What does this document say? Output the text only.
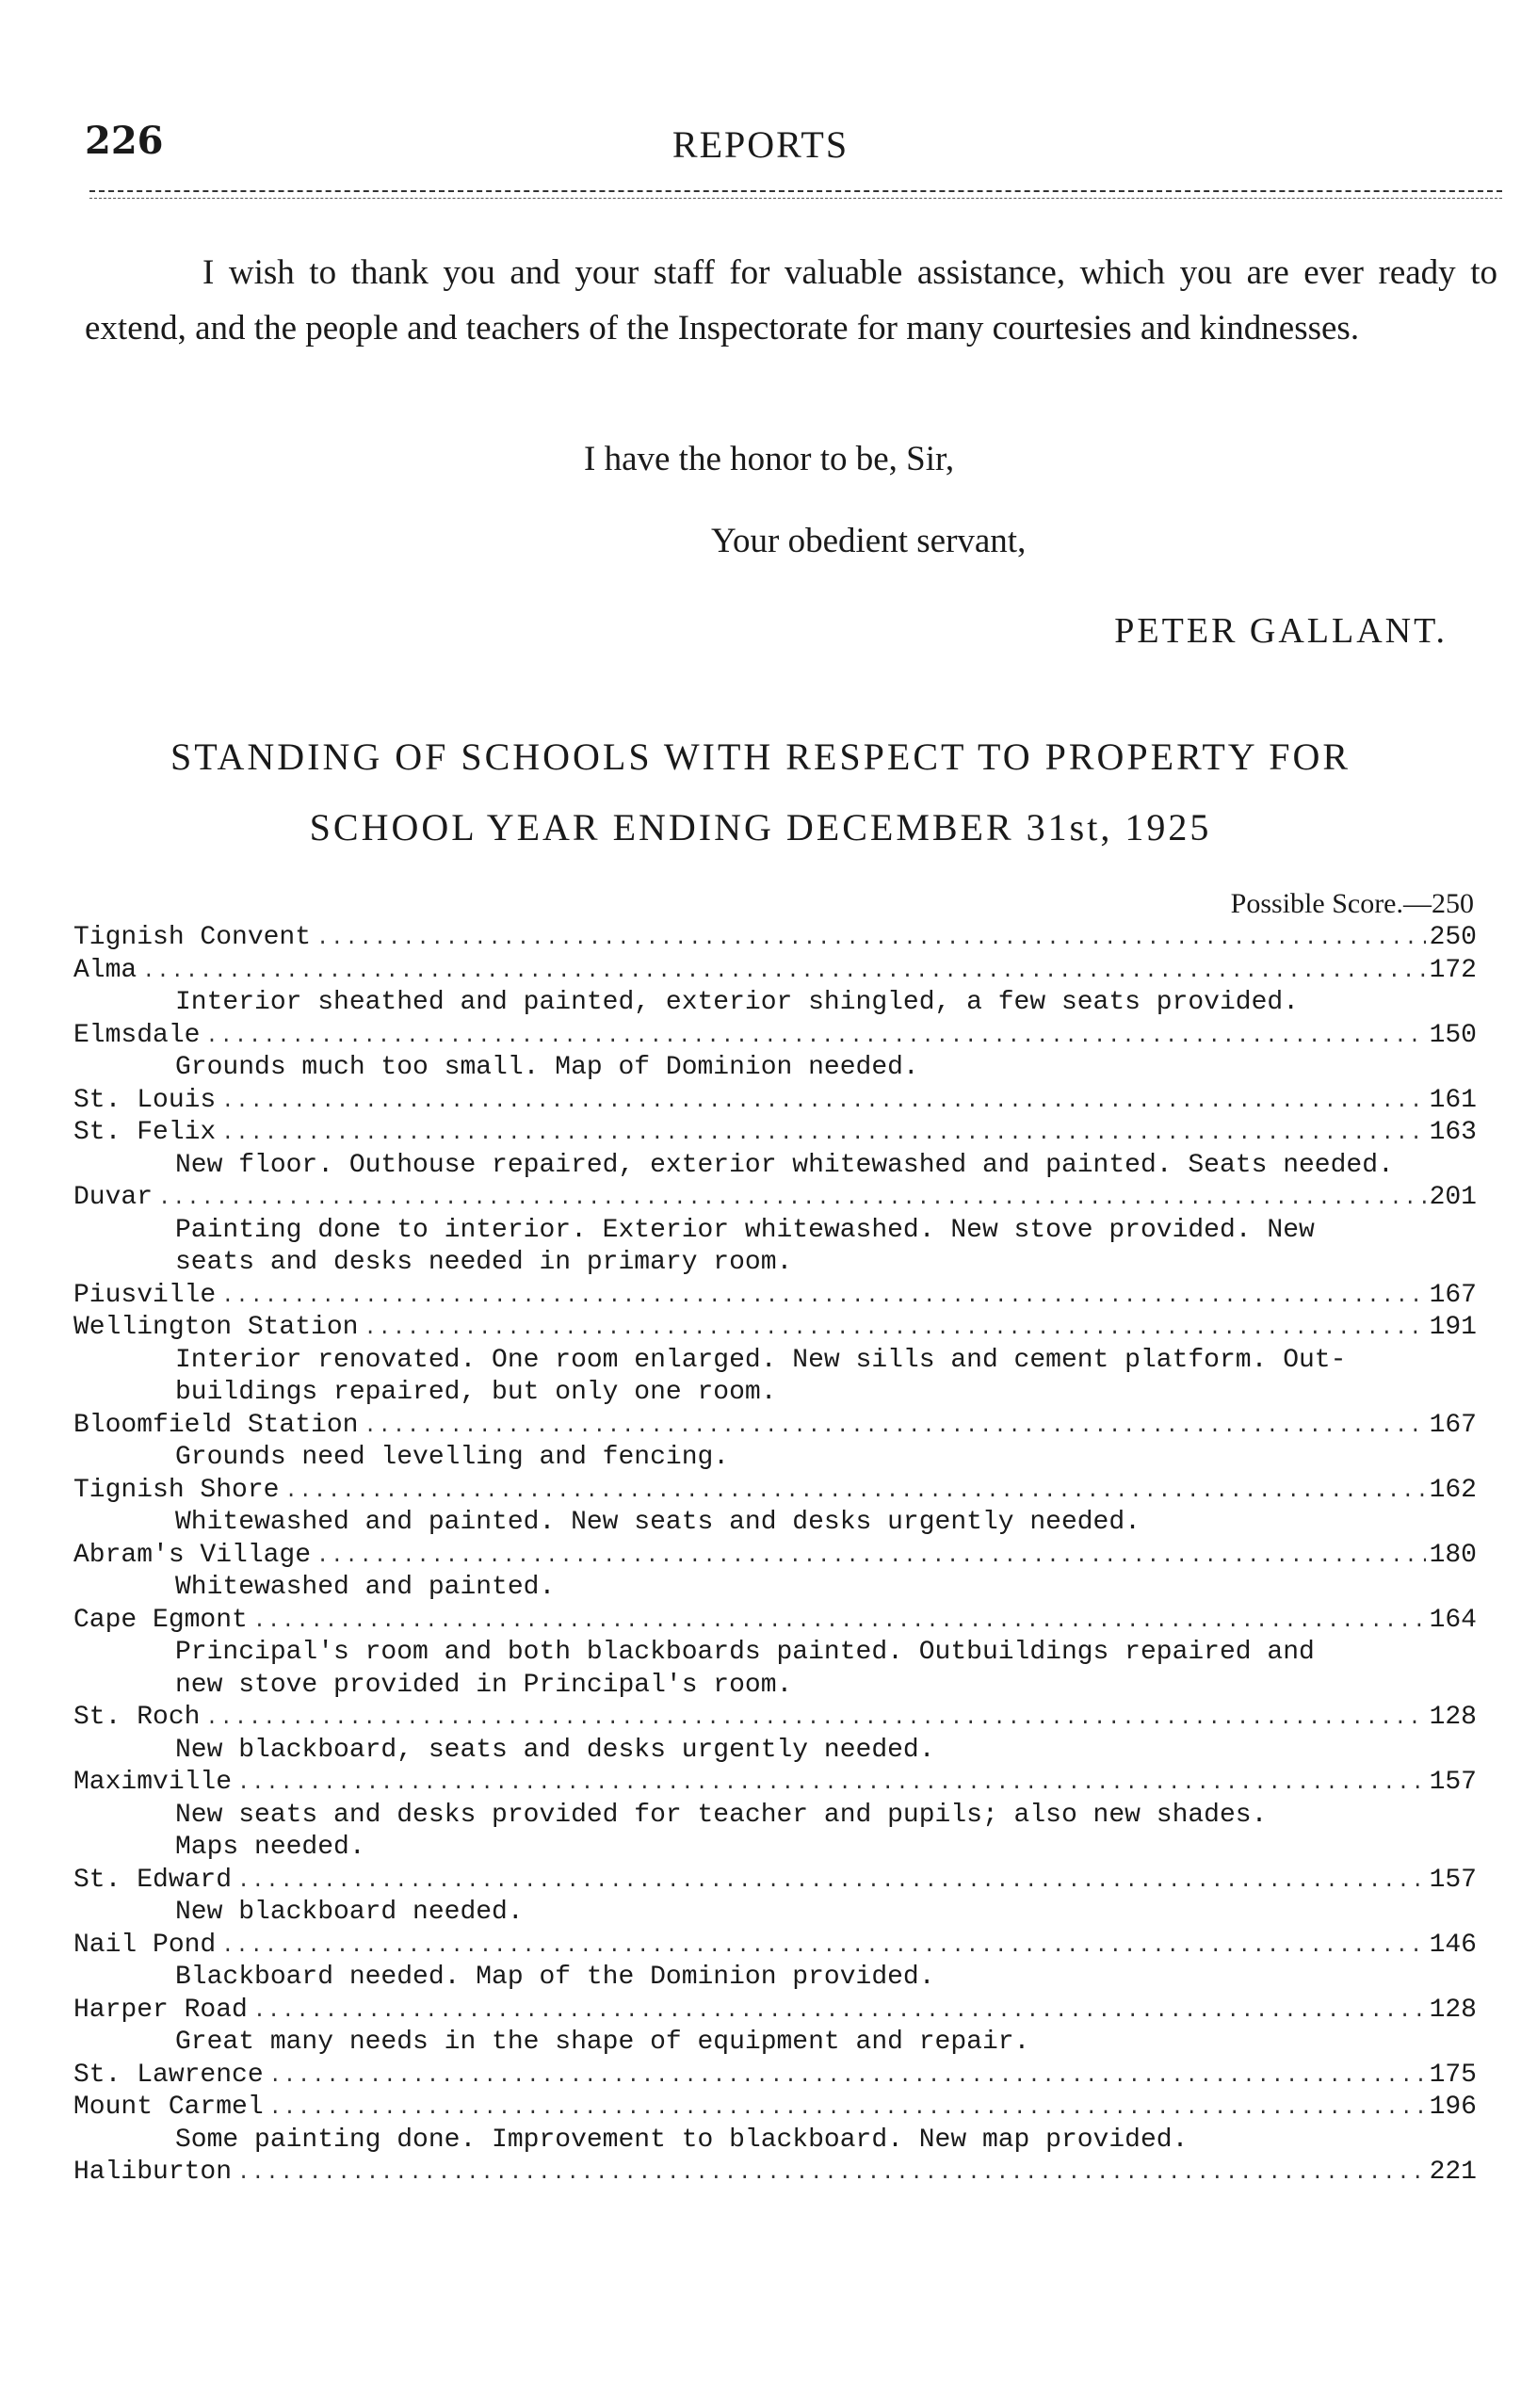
226	REPORTS

I wish to thank you and your staff for valuable assistance, which you are ever ready to extend, and the people and teachers of the Inspectorate for many courtesies and kindnesses.

I have the honor to be, Sir,
Your obedient servant,
PETER GALLANT.
STANDING OF SCHOOLS WITH RESPECT TO PROPERTY FOR
SCHOOL YEAR ENDING DECEMBER 31st, 1925
Possible Score.—250
Tignish Convent .....	250
Alma .....	172
Interior sheathed and painted, exterior shingled, a few seats provided.
Elmsdale .....	150
Grounds much too small. Map of Dominion needed.
St. Louis .....	161
St. Felix .....	163
New floor. Outhouse repaired, exterior whitewashed and painted. Seats needed.
Duvar .....	201
Painting done to interior. Exterior whitewashed. New stove provided. New
seats and desks needed in primary room.
Piusville .....	167
Wellington Station .....	191
Interior renovated. One room enlarged. New sills and cement platform. Out-
buildings repaired, but only one room.
Bloomfield Station .....	167
Grounds need levelling and fencing.
Tignish Shore .....	162
Whitewashed and painted. New seats and desks urgently needed.
Abram's Village .....	180
Whitewashed and painted.
Cape Egmont .....	164
Principal's room and both blackboards painted. Outbuildings repaired and
new stove provided in Principal's room.
St. Roch .....	128
New blackboard, seats and desks urgently needed.
Maximville .....	157
New seats and desks provided for teacher and pupils; also new shades.
Maps needed.
St. Edward .....	157
New blackboard needed.
Nail Pond .....	146
Blackboard needed. Map of the Dominion provided.
Harper Road .....	128
Great many needs in the shape of equipment and repair.
St. Lawrence .....	175
Mount Carmel .....	196
Some painting done. Improvement to blackboard. New map provided.
Haliburton .....	221
